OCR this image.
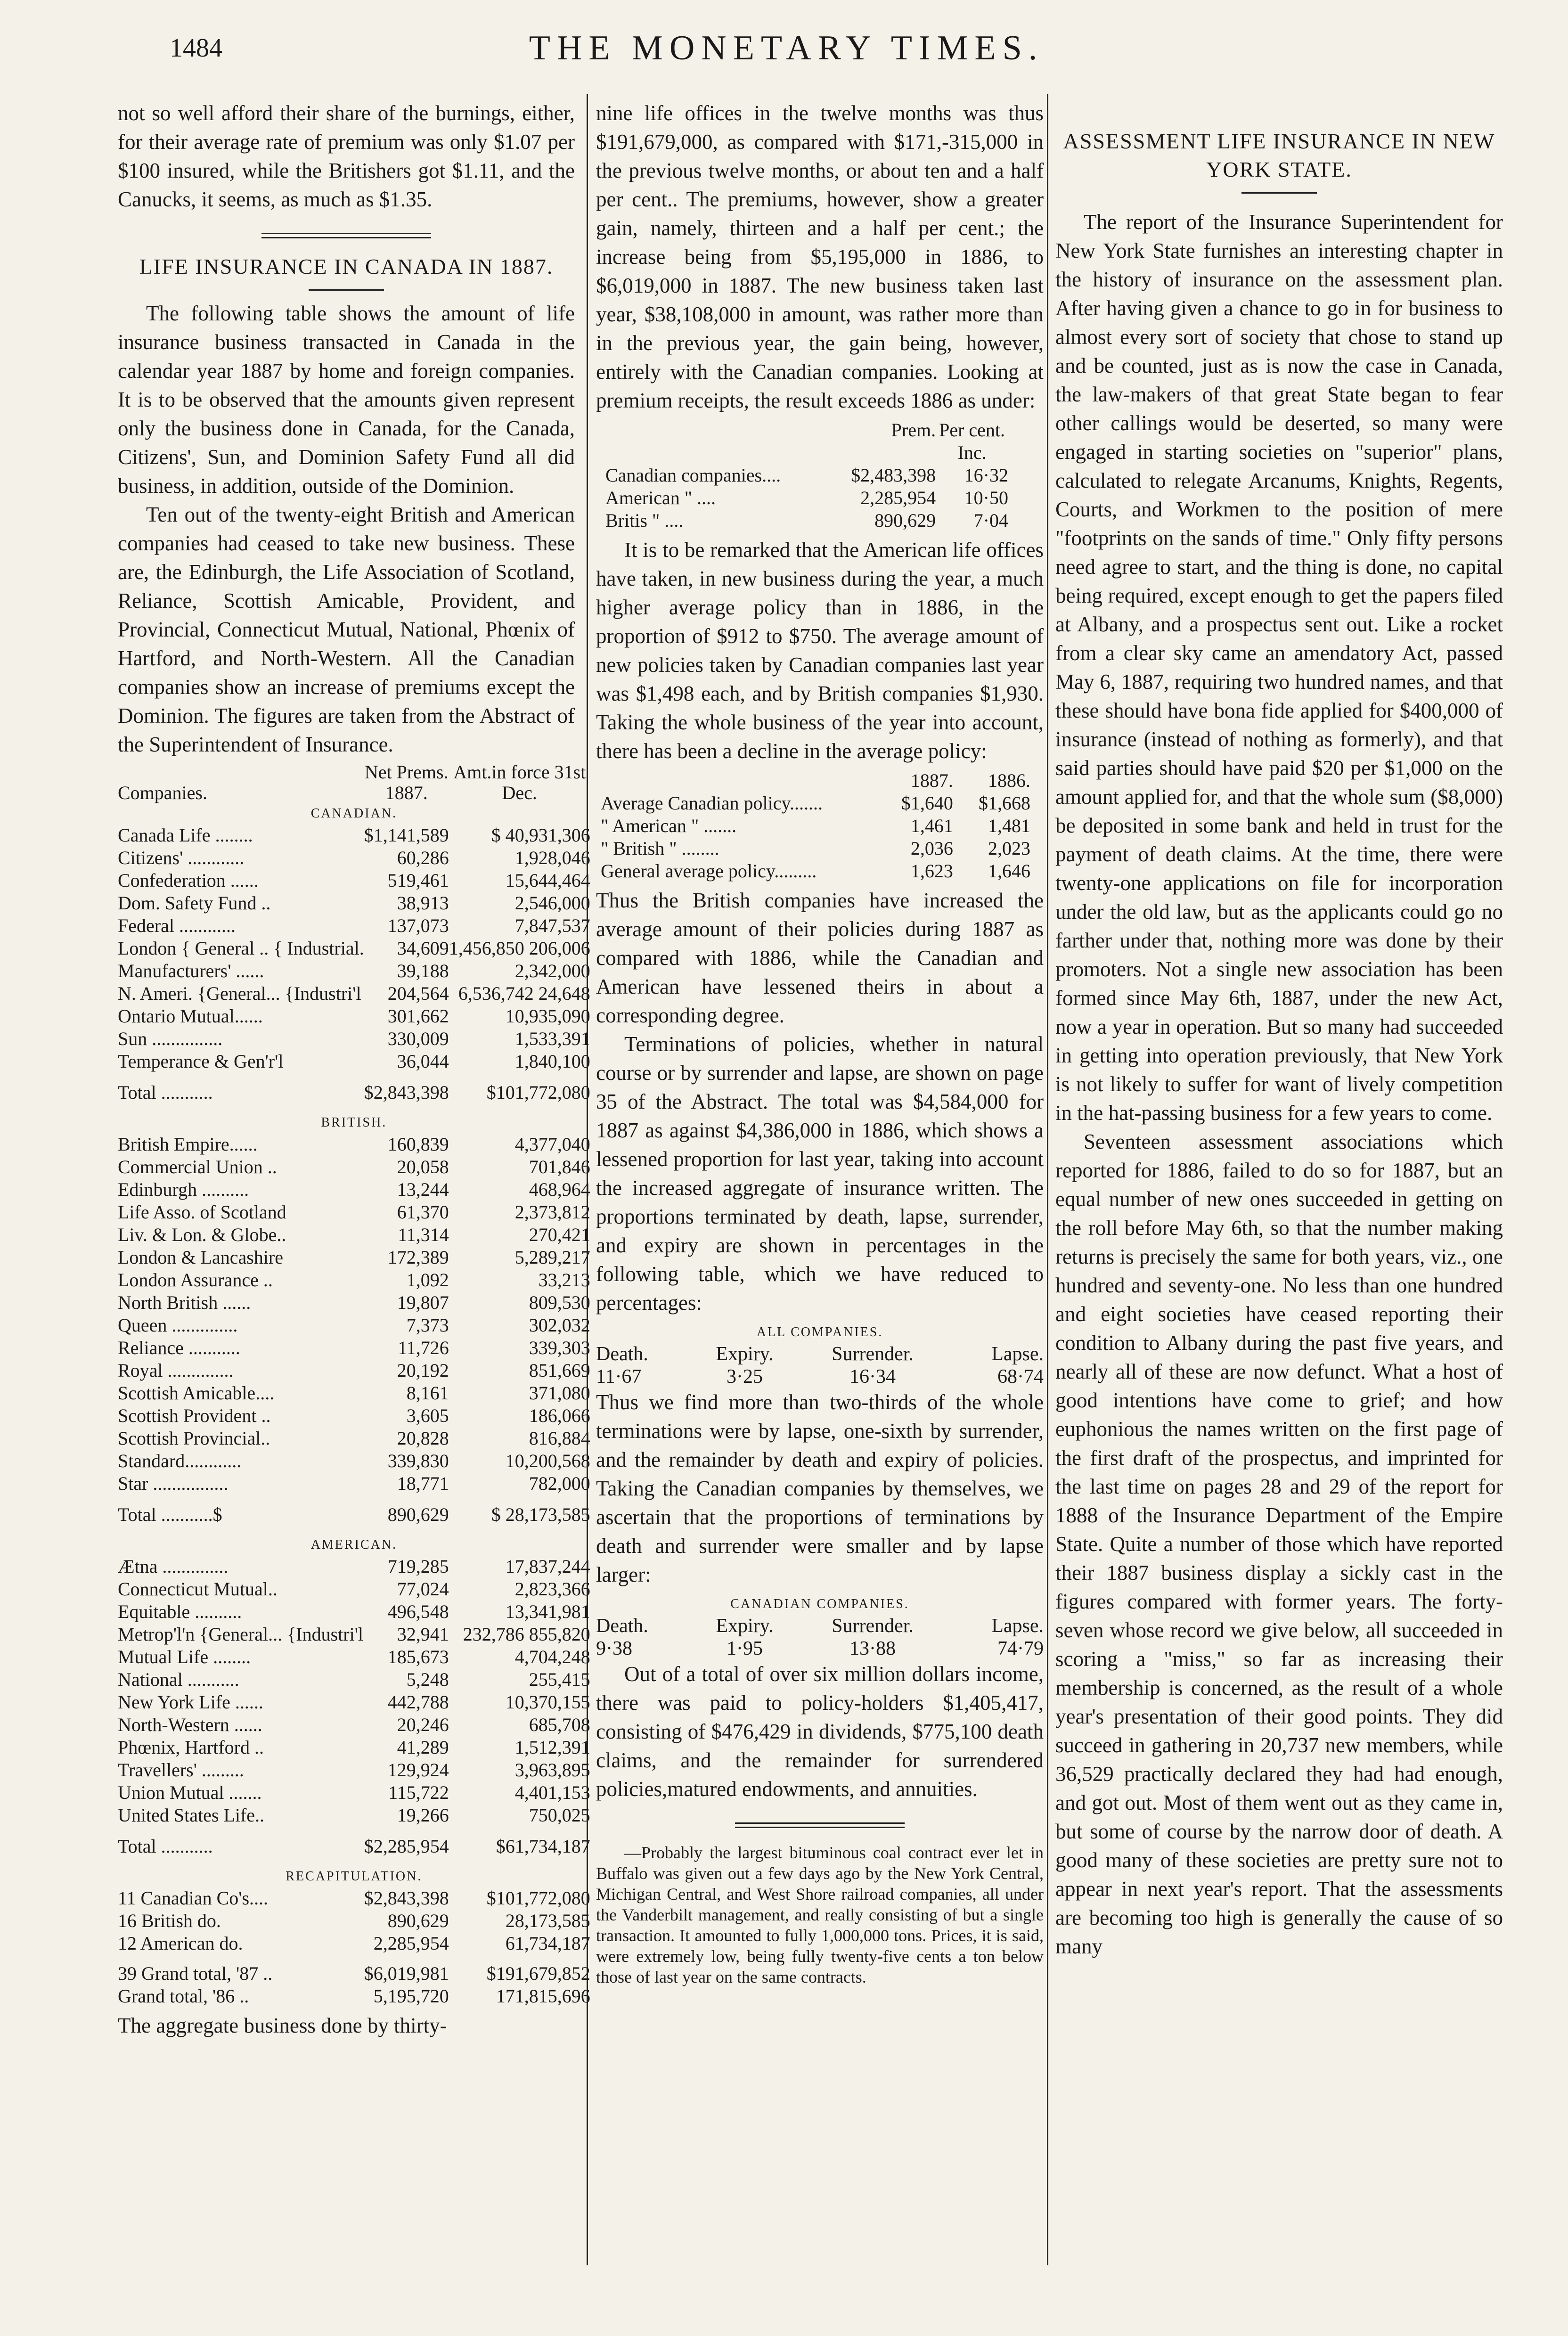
1484	THE MONETARY TIMES.

not so well afford their share of the burnings, either, for their average rate of premium was only $1.07 per $100 insured, while the Britishers got $1.11, and the Canucks, it seems, as much as $1.35.

LIFE INSURANCE IN CANADA IN 1887.

The following table shows the amount of life insurance business transacted in Canada in the calendar year 1887 by home and foreign companies. It is to be observed that the amounts given represent only the business done in Canada, for the Canada, Citizens', Sun, and Dominion Safety Fund all did business, in addition, outside of the Dominion.

Ten out of the twenty-eight British and American companies had ceased to take new business. These are, the Edinburgh, the Life Association of Scotland, Reliance, Scottish Amicable, Provident, and Provincial, Connecticut Mutual, National, Phœnix of Hartford, and North-Western. All the Canadian companies show an increase of premiums except the Dominion. The figures are taken from the Abstract of the Superintendent of Insurance.

Companies.	Net Prems. 1887.	Amt.in force 31st Dec.
CANADIAN.		
Canada Life ........	$1,141,589	$ 40,931,306
Citizens' ............	60,286	1,928,046
Confederation ......	519,461	15,644,464
Dom. Safety Fund ..	38,913	2,546,000
Federal ............	137,073	7,847,537
London { General .. { Industrial.	34,609	1,456,850 206,006
Manufacturers' ......	39,188	2,342,000
N. Ameri. {General... {Industri'l	204,564	6,536,742 24,648
Ontario Mutual......	301,662	10,935,090
Sun ...............	330,009	1,533,391
Temperance & Gen'r'l	36,044	1,840,100
Total ...........	$2,843,398	$101,772,080
BRITISH.		
British Empire......	160,839	4,377,040
Commercial Union ..	20,058	701,846
Edinburgh ..........	13,244	468,964
Life Asso. of Scotland	61,370	2,373,812
Liv. & Lon. & Globe..	11,314	270,421
London & Lancashire	172,389	5,289,217
London Assurance ..	1,092	33,213
North British ......	19,807	809,530
Queen ..............	7,373	302,032
Reliance ...........	11,726	339,303
Royal ..............	20,192	851,669
Scottish Amicable....	8,161	371,080
Scottish Provident ..	3,605	186,066
Scottish Provincial..	20,828	816,884
Standard............	339,830	10,200,568
Star ................	18,771	782,000
Total ...........$	890,629	$ 28,173,585
AMERICAN.		
Ætna ..............	719,285	17,837,244
Connecticut Mutual..	77,024	2,823,366
Equitable ..........	496,548	13,341,981
Metrop'l'n {General... {Industri'l	32,941	232,786 855,820
Mutual Life ........	185,673	4,704,248
National ...........	5,248	255,415
New York Life ......	442,788	10,370,155
North-Western ......	20,246	685,708
Phœnix, Hartford ..	41,289	1,512,391
Travellers' .........	129,924	3,963,895
Union Mutual .......	115,722	4,401,153
United States Life..	19,266	750,025
Total ...........	$2,285,954	$61,734,187
RECAPITULATION.		
11 Canadian Co's....	$2,843,398	$101,772,080
16 British do.	890,629	28,173,585
12 American do.	2,285,954	61,734,187

39 Grand total, '87 ..	$6,019,981	$191,679,852
Grand total, '86 ..	5,195,720	171,815,696

The aggregate business done by thirty-

nine life offices in the twelve months was thus $191,679,000, as compared with $171,-315,000 in the previous twelve months, or about ten and a half per cent.. The premiums, however, show a greater gain, namely, thirteen and a half per cent.; the increase being from $5,195,000 in 1886, to $6,019,000 in 1887. The new business taken last year, $38,108,000 in amount, was rather more than in the previous year, the gain being, however, entirely with the Canadian companies. Looking at premium receipts, the result exceeds 1886 as under:

	Prem.	Per cent. Inc.
Canadian companies....	$2,483,398	16·32
American " ....	2,285,954	10·50
Britis " ....	890,629	7·04

It is to be remarked that the American life offices have taken, in new business during the year, a much higher average policy than in 1886, in the proportion of $912 to $750. The average amount of new policies taken by Canadian companies last year was $1,498 each, and by British companies $1,930. Taking the whole business of the year into account, there has been a decline in the average policy:

	1887.	1886.
Average Canadian policy.......	$1,640	$1,668
" American " .......	1,461	1,481
" British " ........	2,036	2,023
General average policy.........	1,623	1,646

Thus the British companies have increased the average amount of their policies during 1887 as compared with 1886, while the Canadian and American have lessened theirs in about a corresponding degree.

Terminations of policies, whether in natural course or by surrender and lapse, are shown on page 35 of the Abstract. The total was $4,584,000 for 1887 as against $4,386,000 in 1886, which shows a lessened proportion for last year, taking into account the increased aggregate of insurance written. The proportions terminated by death, lapse, surrender, and expiry are shown in percentages in the following table, which we have reduced to percentages:

ALL COMPANIES.
Death.	Expiry.	Surrender.	Lapse.
11·67	3·25	16·34	68·74

Thus we find more than two-thirds of the whole terminations were by lapse, one-sixth by surrender, and the remainder by death and expiry of policies. Taking the Canadian companies by themselves, we ascertain that the proportions of terminations by death and surrender were smaller and by lapse larger:

CANADIAN COMPANIES.
Death.	Expiry.	Surrender.	Lapse.
9·38	1·95	13·88	74·79

Out of a total of over six million dollars income, there was paid to policy-holders $1,405,417, consisting of $476,429 in dividends, $775,100 death claims, and the remainder for surrendered policies,matured endowments, and annuities.

—Probably the largest bituminous coal contract ever let in Buffalo was given out a few days ago by the New York Central, Michigan Central, and West Shore railroad companies, all under the Vanderbilt management, and really consisting of but a single transaction. It amounted to fully 1,000,000 tons. Prices, it is said, were extremely low, being fully twenty-five cents a ton below those of last year on the same contracts.

ASSESSMENT LIFE INSURANCE IN NEW YORK STATE.

The report of the Insurance Superintendent for New York State furnishes an interesting chapter in the history of insurance on the assessment plan. After having given a chance to go in for business to almost every sort of society that chose to stand up and be counted, just as is now the case in Canada, the law-makers of that great State began to fear other callings would be deserted, so many were engaged in starting societies on "superior" plans, calculated to relegate Arcanums, Knights, Regents, Courts, and Workmen to the position of mere "footprints on the sands of time." Only fifty persons need agree to start, and the thing is done, no capital being required, except enough to get the papers filed at Albany, and a prospectus sent out. Like a rocket from a clear sky came an amendatory Act, passed May 6, 1887, requiring two hundred names, and that these should have bona fide applied for $400,000 of insurance (instead of nothing as formerly), and that said parties should have paid $20 per $1,000 on the amount applied for, and that the whole sum ($8,000) be deposited in some bank and held in trust for the payment of death claims. At the time, there were twenty-one applications on file for incorporation under the old law, but as the applicants could go no farther under that, nothing more was done by their promoters. Not a single new association has been formed since May 6th, 1887, under the new Act, now a year in operation. But so many had succeeded in getting into operation previously, that New York is not likely to suffer for want of lively competition in the hat-passing business for a few years to come.

Seventeen assessment associations which reported for 1886, failed to do so for 1887, but an equal number of new ones succeeded in getting on the roll before May 6th, so that the number making returns is precisely the same for both years, viz., one hundred and seventy-one. No less than one hundred and eight societies have ceased reporting their condition to Albany during the past five years, and nearly all of these are now defunct. What a host of good intentions have come to grief; and how euphonious the names written on the first page of the first draft of the prospectus, and imprinted for the last time on pages 28 and 29 of the report for 1888 of the Insurance Department of the Empire State. Quite a number of those which have reported their 1887 business display a sickly cast in the figures compared with former years. The forty-seven whose record we give below, all succeeded in scoring a "miss," so far as increasing their membership is concerned, as the result of a whole year's presentation of their good points. They did succeed in gathering in 20,737 new members, while 36,529 practically declared they had had enough, and got out. Most of them went out as they came in, but some of course by the narrow door of death. A good many of these societies are pretty sure not to appear in next year's report. That the assessments are becoming too high is generally the cause of so many
